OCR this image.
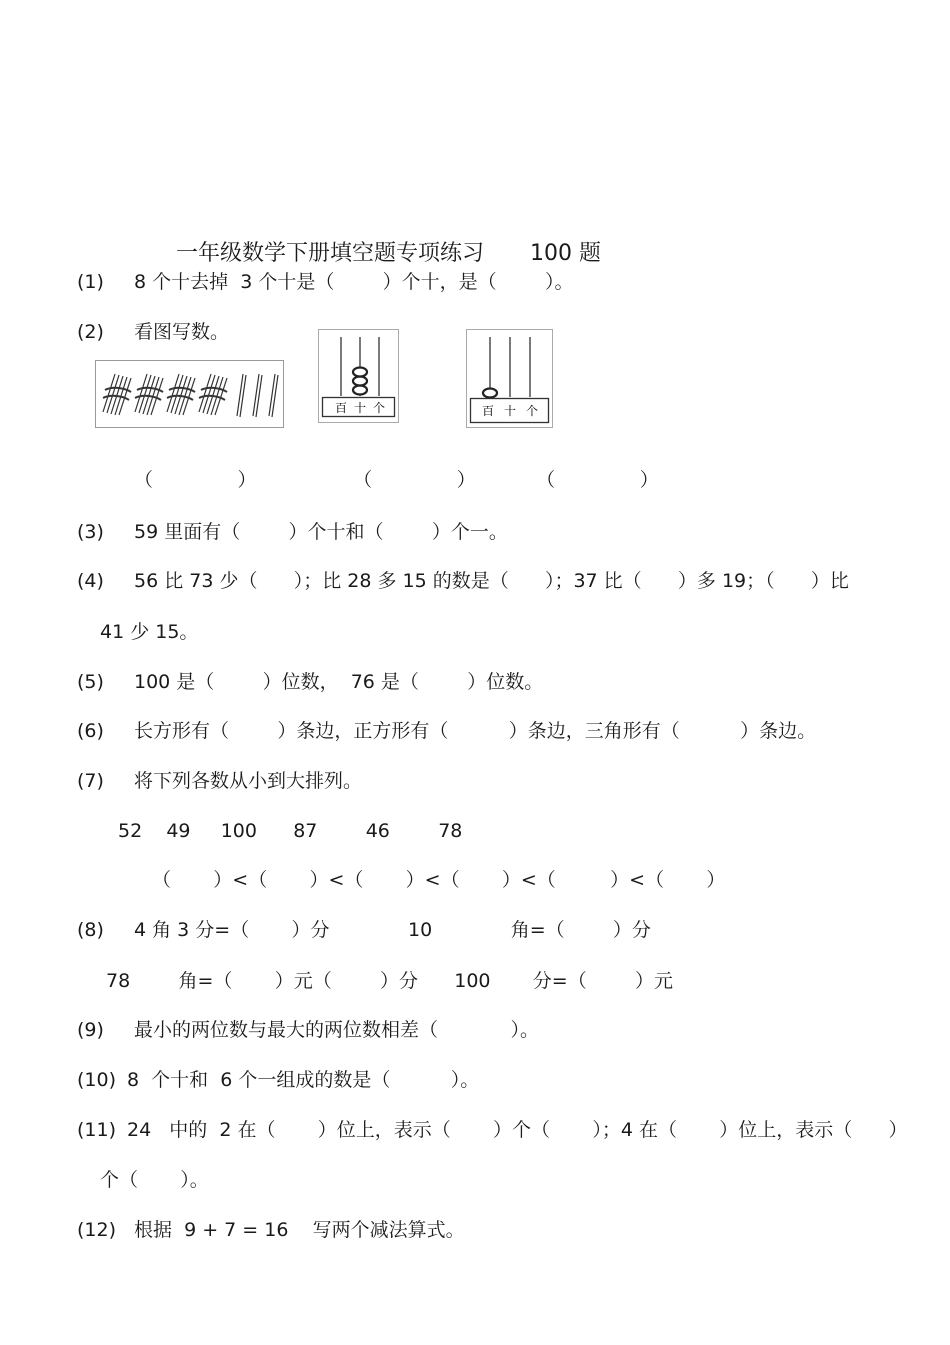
一年级数学下册填空题专项练习 100 题

(1) 8 个十去掉  3 个十是（        ）个十，是（        ）。
(2) 看图写数。
百 十 个	百 十 个
（              ）                （              ）          （              ）
(3) 59 里面有（        ）个十和（        ）个一。
(4) 56 比 73 少（      ）；比 28 多 15 的数是（      ）；37 比（      ）多 19；（      ）比
41 少 15。
(5) 100 是（        ）位数，  76 是（        ）位数。
(6) 长方形有（        ）条边，正方形有（          ）条边，三角形有（          ）条边。
(7) 将下列各数从小到大排列。
52    49     100      87        46        78
（       ）<（       ）<（       ）<（       ）<（         ）<（       ）
(8) 4 角 3 分=（       ）分             10             角=（        ）分
78        角=（       ）元（        ）分      100       分=（        ）元
(9) 最小的两位数与最大的两位数相差（            ）。
(10) 8  个十和  6 个一组成的数是（          ）。
(11) 24   中的  2 在（       ）位上，表示（       ）个（       ）；4 在（       ）位上，表示（      ）
个（       ）。
(12) 根据  9 + 7 = 16    写两个减法算式。
